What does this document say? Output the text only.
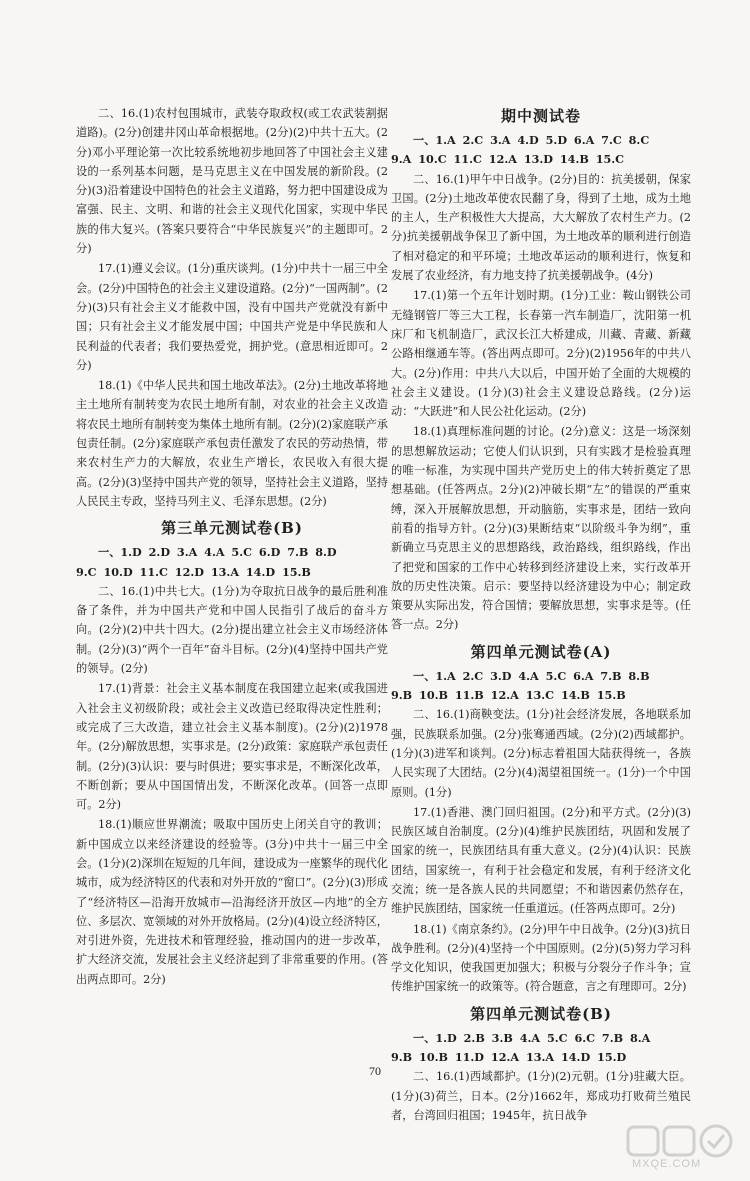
二、16.(1)农村包围城市，武装夺取政权(或工农武装割据道路)。(2分)创建井冈山革命根据地。(2分)(2)中共十五大。(2分)邓小平理论第一次比较系统地初步地回答了中国社会主义建设的一系列基本问题，是马克思主义在中国发展的新阶段。(2分)(3)沿着建设中国特色的社会主义道路，努力把中国建设成为富强、民主、文明、和谐的社会主义现代化国家，实现中华民族的伟大复兴。(答案只要符合“中华民族复兴”的主题即可。2分)

17.(1)遵义会议。(1分)重庆谈判。(1分)中共十一届三中全会。(2分)中国特色的社会主义建设道路。(2分)“一国两制”。(2分)(3)只有社会主义才能救中国，没有中国共产党就没有新中国；只有社会主义才能发展中国；中国共产党是中华民族和人民利益的代表者；我们要热爱党，拥护党。(意思相近即可。2分)

18.(1)《中华人民共和国土地改革法》。(2分)土地改革将地主土地所有制转变为农民土地所有制，对农业的社会主义改造将农民土地所有制转变为集体土地所有制。(2分)(2)家庭联产承包责任制。(2分)家庭联产承包责任激发了农民的劳动热情，带来农村生产力的大解放，农业生产增长，农民收入有很大提高。(2分)(3)坚持中国共产党的领导，坚持社会主义道路，坚持人民民主专政，坚持马列主义、毛泽东思想。(2分)

第三单元测试卷(B)

一、1.D 2.D 3.A 4.A 5.C 6.D 7.B 8.D

9.C 10.D 11.C 12.D 13.A 14.D 15.B

二、16.(1)中共七大。(1分)为夺取抗日战争的最后胜利准备了条件，并为中国共产党和中国人民指引了战后的奋斗方向。(2分)(2)中共十四大。(2分)提出建立社会主义市场经济体制。(2分)(3)“两个一百年”奋斗目标。(2分)(4)坚持中国共产党的领导。(2分)

17.(1)背景：社会主义基本制度在我国建立起来(或我国进入社会主义初级阶段；或社会主义改造已经取得决定性胜利；或完成了三大改造，建立社会主义基本制度)。(2分)(2)1978年。(2分)解放思想，实事求是。(2分)政策：家庭联产承包责任制。(2分)(3)认识：要与时俱进；要实事求是，不断深化改革，不断创新；要从中国国情出发，不断深化改革。(回答一点即可。2分)

18.(1)顺应世界潮流；吸取中国历史上闭关自守的教训；新中国成立以来经济建设的经验等。(3分)中共十一届三中全会。(1分)(2)深圳在短短的几年间，建设成为一座繁华的现代化城市，成为经济特区的代表和对外开放的“窗口”。(2分)(3)形成了“经济特区—沿海开放城市—沿海经济开放区—内地”的全方位、多层次、宽领域的对外开放格局。(2分)(4)设立经济特区，对引进外资，先进技术和管理经验，推动国内的进一步改革，扩大经济交流，发展社会主义经济起到了非常重要的作用。(答出两点即可。2分)

期中测试卷

一、1.A 2.C 3.A 4.D 5.D 6.A 7.C 8.C

9.A 10.C 11.C 12.A 13.D 14.B 15.C

二、16.(1)甲午中日战争。(2分)目的：抗美援朝，保家卫国。(2分)土地改革使农民翻了身，得到了土地，成为土地的主人，生产积极性大大提高，大大解放了农村生产力。(2分)抗美援朝战争保卫了新中国，为土地改革的顺利进行创造了相对稳定的和平环境；土地改革运动的顺利进行，恢复和发展了农业经济，有力地支持了抗美援朝战争。(4分)

17.(1)第一个五年计划时期。(1分)工业：鞍山钢铁公司无缝钢管厂等三大工程，长春第一汽车制造厂，沈阳第一机床厂和飞机制造厂，武汉长江大桥建成，川藏、青藏、新藏公路相继通车等。(答出两点即可。2分)(2)1956年的中共八大。(2分)作用：中共八大以后，中国开始了全面的大规模的社会主义建设。(1分)(3)社会主义建设总路线。(2分)运动：“大跃进”和人民公社化运动。(2分)

18.(1)真理标准问题的讨论。(2分)意义：这是一场深刻的思想解放运动；它使人们认识到，只有实践才是检验真理的唯一标准，为实现中国共产党历史上的伟大转折奠定了思想基础。(任答两点。2分)(2)冲破长期“左”的错误的严重束缚，深入开展解放思想，开动脑筋，实事求是，团结一致向前看的指导方针。(2分)(3)果断结束“以阶级斗争为纲”，重新确立马克思主义的思想路线，政治路线，组织路线，作出了把党和国家的工作中心转移到经济建设上来，实行改革开放的历史性决策。启示：要坚持以经济建设为中心；制定政策要从实际出发，符合国情；要解放思想，实事求是等。(任答一点。2分)

第四单元测试卷(A)

一、1.A 2.C 3.D 4.A 5.C 6.A 7.B 8.B

9.B 10.B 11.B 12.A 13.C 14.B 15.B

二、16.(1)商鞅变法。(1分)社会经济发展，各地联系加强，民族联系加强。(2分)张骞通西域。(2分)(2)西域都护。(1分)(3)进军和谈判。(2分)标志着祖国大陆获得统一，各族人民实现了大团结。(2分)(4)渴望祖国统一。(1分)一个中国原则。(1分)

17.(1)香港、澳门回归祖国。(2分)和平方式。(2分)(3)民族区域自治制度。(2分)(4)维护民族团结，巩固和发展了国家的统一，民族团结具有重大意义。(2分)(4)认识：民族团结，国家统一，有利于社会稳定和发展，有利于经济文化交流；统一是各族人民的共同愿望；不和谐因素仍然存在，维护民族团结，国家统一任重道远。(任答两点即可。2分)

18.(1)《南京条约》。(2分)甲午中日战争。(2分)(3)抗日战争胜利。(2分)(4)坚持一个中国原则。(2分)(5)努力学习科学文化知识，使我国更加强大；积极与分裂分子作斗争；宣传维护国家统一的政策等。(符合题意，言之有理即可。2分)

第四单元测试卷(B)

一、1.D 2.B 3.B 4.A 5.C 6.C 7.B 8.A

9.B 10.B 11.D 12.A 13.A 14.D 15.D

二、16.(1)西域都护。(1分)(2)元朝。(1分)驻藏大臣。(1分)(3)荷兰，日本。(2分)1662年，郑成功打败荷兰殖民者，台湾回归祖国；1945年，抗日战争

70
MXQE.COM
